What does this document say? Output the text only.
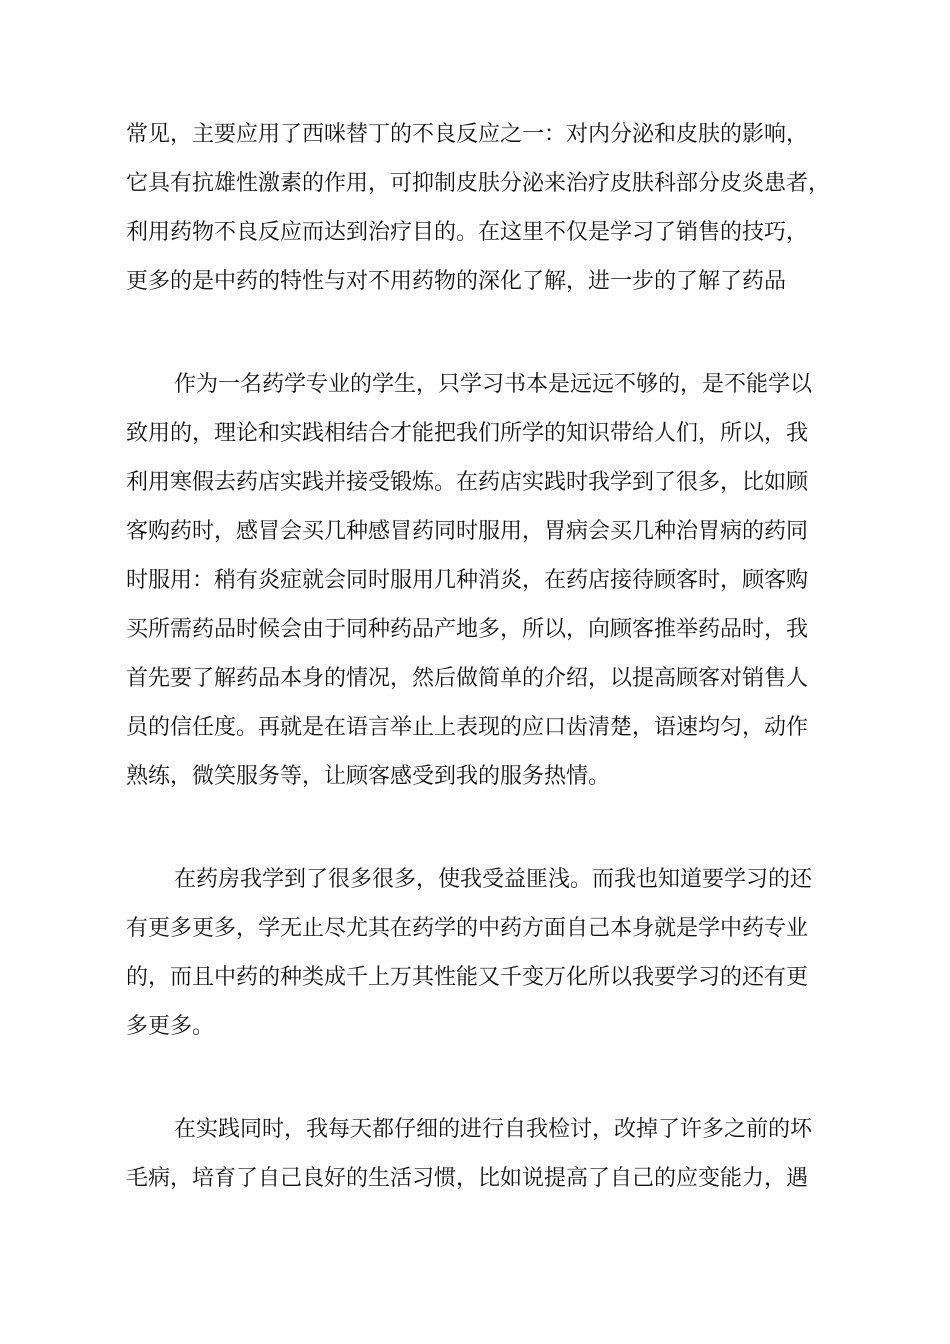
常见，主要应用了西咪替丁的不良反应之一：对内分泌和皮肤的影响，
它具有抗雄性激素的作用，可抑制皮肤分泌来治疗皮肤科部分皮炎患者，
利用药物不良反应而达到治疗目的。在这里不仅是学习了销售的技巧，
更多的是中药的特性与对不用药物的深化了解，进一步的了解了药品
作为一名药学专业的学生，只学习书本是远远不够的，是不能学以
致用的，理论和实践相结合才能把我们所学的知识带给人们，所以，我
利用寒假去药店实践并接受锻炼。在药店实践时我学到了很多，比如顾
客购药时，感冒会买几种感冒药同时服用，胃病会买几种治胃病的药同
时服用：稍有炎症就会同时服用几种消炎，在药店接待顾客时，顾客购
买所需药品时候会由于同种药品产地多，所以，向顾客推举药品时，我
首先要了解药品本身的情况，然后做简单的介绍，以提高顾客对销售人
员的信任度。再就是在语言举止上表现的应口齿清楚，语速均匀，动作
熟练，微笑服务等，让顾客感受到我的服务热情。
在药房我学到了很多很多，使我受益匪浅。而我也知道要学习的还
有更多更多，学无止尽尤其在药学的中药方面自己本身就是学中药专业
的，而且中药的种类成千上万其性能又千变万化所以我要学习的还有更
多更多。
在实践同时，我每天都仔细的进行自我检讨，改掉了许多之前的坏
毛病，培育了自己良好的生活习惯，比如说提高了自己的应变能力，遇
